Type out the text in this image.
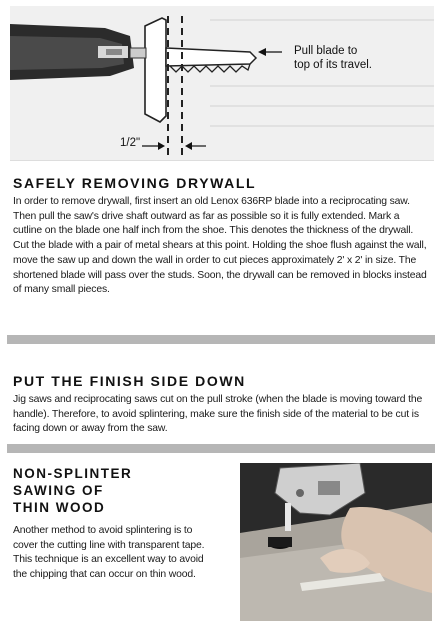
Pull blade to top of its travel.
1/2"
SAFELY REMOVING DRYWALL

In order to remove drywall, first insert an old Lenox 636RP blade into a reciprocating saw. Then pull the saw's drive shaft outward as far as possible so it is fully extended. Mark a cutline on the blade one half inch from the shoe. This denotes the thickness of the drywall. Cut the blade with a pair of metal shears at this point. Holding the shoe flush against the wall, move the saw up and down the wall in order to cut pieces approximately 2' x 2' in size. The shortened blade will pass over the studs. Soon, the drywall can be removed in blocks instead of many small pieces.

PUT THE FINISH SIDE DOWN

Jig saws and reciprocating saws cut on the pull stroke (when the blade is moving toward the handle). Therefore, to avoid splintering, make sure the finish side of the material to be cut is facing down or away from the saw.

NON-SPLINTER
SAWING OF
THIN WOOD

Another method to avoid splintering is to cover the cutting line with transparent tape. This technique is an excellent way to avoid the chipping that can occur on thin wood.
